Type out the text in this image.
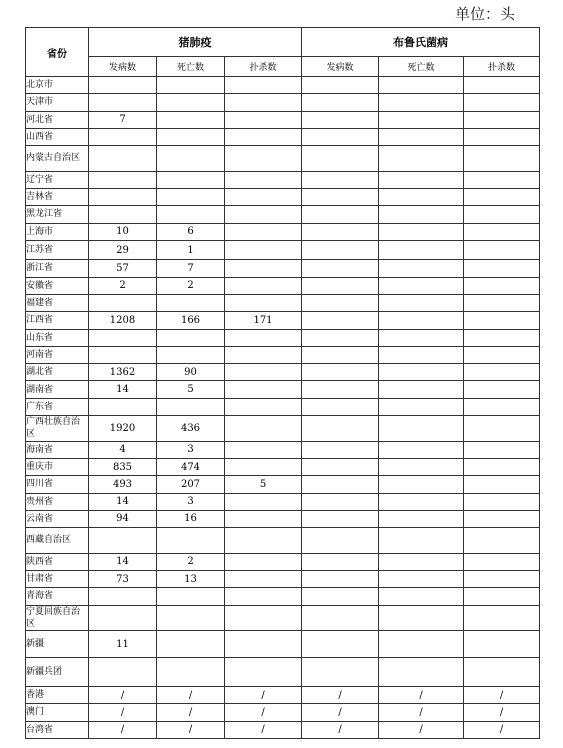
单位：头
省份	猪肺疫			布鲁氏菌病		
	发病数	死亡数	扑杀数	发病数	死亡数	扑杀数
北京市						
天津市						
河北省	7					
山西省						
内蒙古自治区						
辽宁省						
吉林省						
黑龙江省						
上海市	10	6				
江苏省	29	1				
浙江省	57	7				
安徽省	2	2				
福建省						
江西省	1208	166	171			
山东省						
河南省						
湖北省	1362	90				
湖南省	14	5				
广东省						
广西壮族自治区	1920	436				
海南省	4	3				
重庆市	835	474				
四川省	493	207	5			
贵州省	14	3				
云南省	94	16				
西藏自治区						
陕西省	14	2				
甘肃省	73	13				
青海省						
宁夏回族自治区						
新疆	11					
新疆兵团						
香港	/	/	/	/	/	/
澳门	/	/	/	/	/	/
台湾省	/	/	/	/	/	/
